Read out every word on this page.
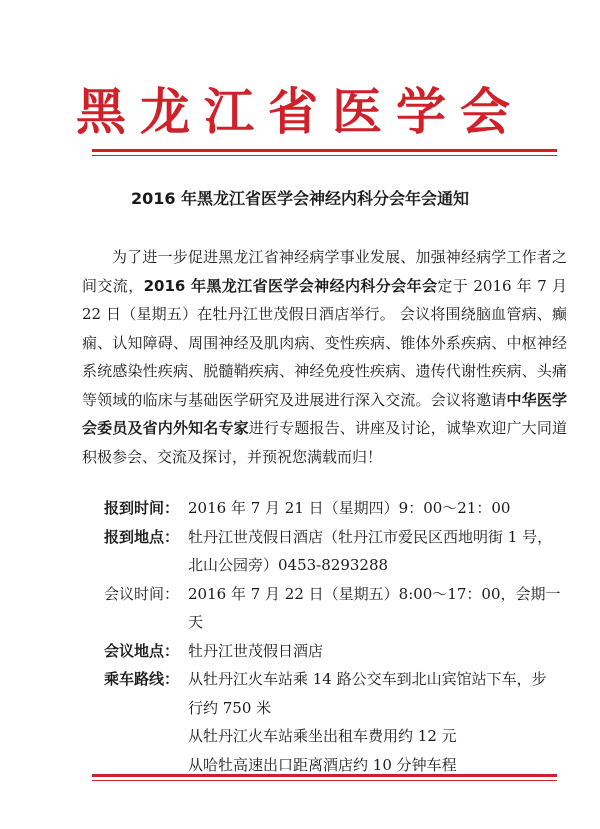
黑龙江省医学会
2016 年黑龙江省医学会神经内科分会年会通知

为了进一步促进黑龙江省神经病学事业发展、加强神经病学工作者之间交流，2016 年黑龙江省医学会神经内科分会年会定于 2016 年 7 月 22 日（星期五）在牡丹江世茂假日酒店举行。 会议将围绕脑血管病、癫痫、认知障碍、周围神经及肌肉病、变性疾病、锥体外系疾病、中枢神经系统感染性疾病、脱髓鞘疾病、神经免疫性疾病、遗传代谢性疾病、头痛等领域的临床与基础医学研究及进展进行深入交流。会议将邀请中华医学会委员及省内外知名专家进行专题报告、讲座及讨论，诚挚欢迎广大同道积极参会、交流及探讨，并预祝您满载而归！

报到时间： 2016 年 7 月 21 日（星期四）9：00～21：00
报到地点： 牡丹江世茂假日酒店（牡丹江市爱民区西地明街 1 号，
北山公园旁）0453-8293288
会议时间： 2016 年 7 月 22 日（星期五）8:00～17：00，会期一天
会议地点： 牡丹江世茂假日酒店
乘车路线： 从牡丹江火车站乘 14 路公交车到北山宾馆站下车，步
行约 750 米
从牡丹江火车站乘坐出租车费用约 12 元
从哈牡高速出口距离酒店约 10 分钟车程
